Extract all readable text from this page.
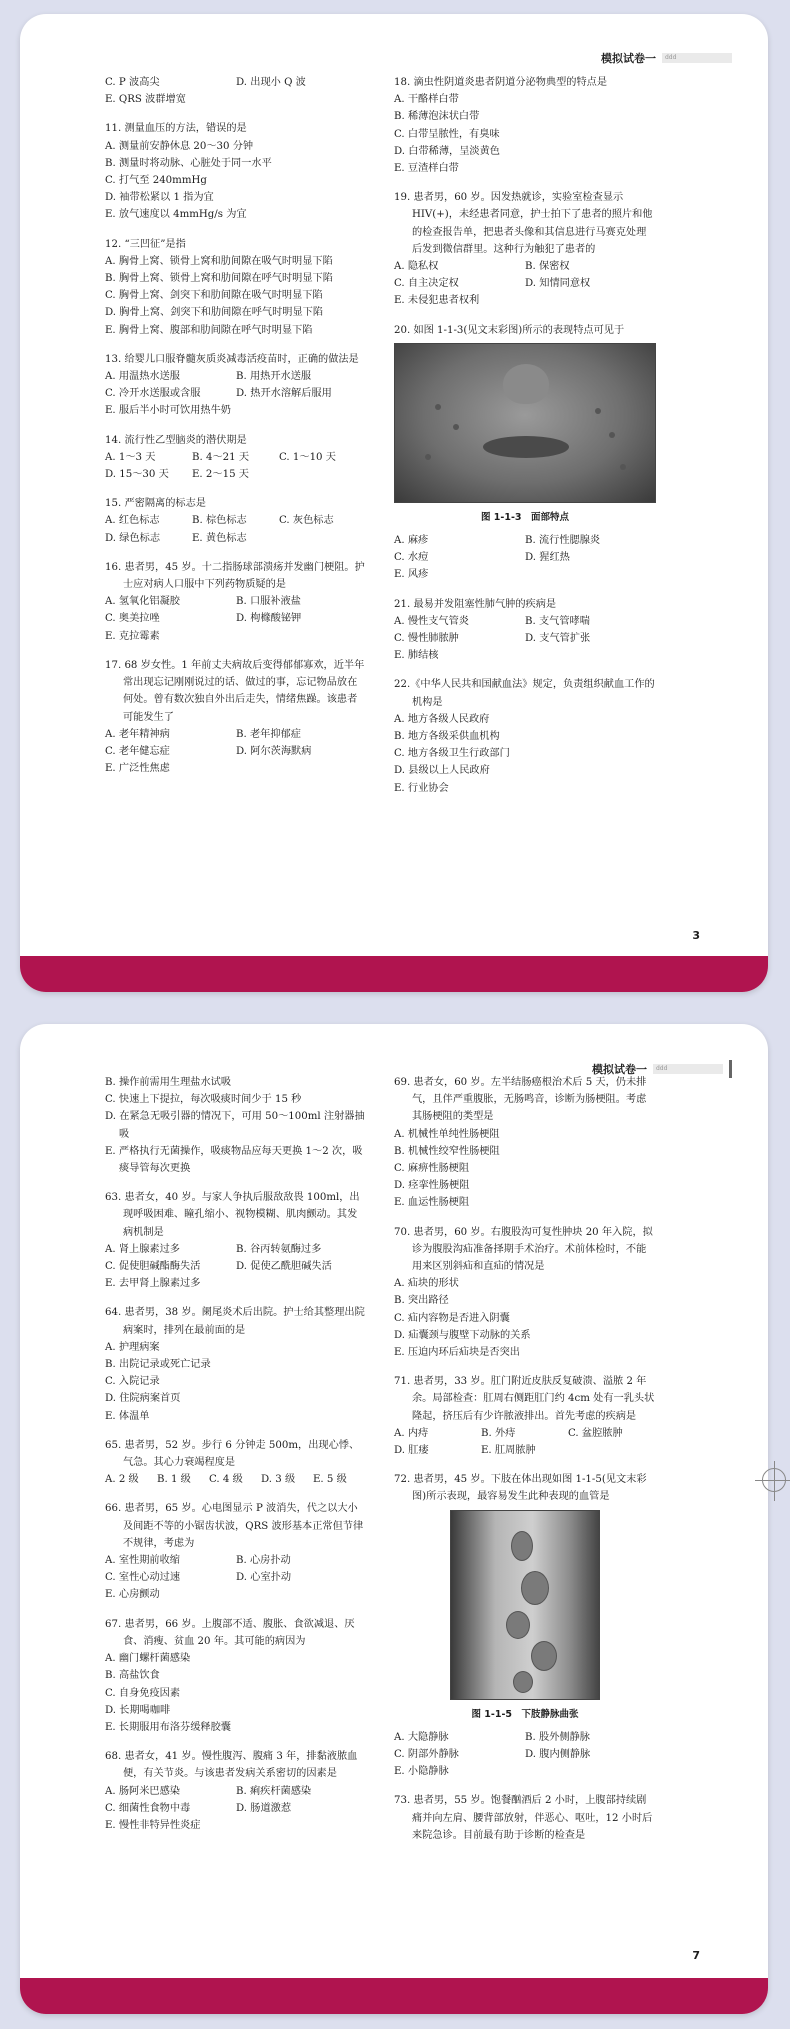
模拟试卷一	ddd
C. P 波高尖	D. 出现小 Q 波
E. QRS 波群增宽
11. 测量血压的方法，错误的是
A. 测量前安静休息 20～30 分钟
B. 测量时将动脉、心脏处于同一水平
C. 打气至 240mmHg
D. 袖带松紧以 1 指为宜
E. 放气速度以 4mmHg/s 为宜
12. “三凹征”是指
A. 胸骨上窝、锁骨上窝和肋间隙在吸气时明显下陷
B. 胸骨上窝、锁骨上窝和肋间隙在呼气时明显下陷
C. 胸骨上窝、剑突下和肋间隙在吸气时明显下陷
D. 胸骨上窝、剑突下和肋间隙在呼气时明显下陷
E. 胸骨上窝、腹部和肋间隙在呼气时明显下陷
13. 给婴儿口服脊髓灰质炎减毒活疫苗时，正确的做法是
A. 用温热水送服	B. 用热开水送服
C. 冷开水送服或含服	D. 热开水溶解后服用
E. 服后半小时可饮用热牛奶
14. 流行性乙型脑炎的潜伏期是
A. 1～3 天	B. 4～21 天	C. 1～10 天
D. 15～30 天	E. 2～15 天
15. 严密隔离的标志是
A. 红色标志	B. 棕色标志	C. 灰色标志
D. 绿色标志	E. 黄色标志
16. 患者男，45 岁。十二指肠球部溃疡并发幽门梗阻。护士应对病人口服中下列药物质疑的是
A. 氢氧化铝凝胶	B. 口服补液盐
C. 奥美拉唑	D. 枸橼酸铋钾
E. 克拉霉素
17. 68 岁女性。1 年前丈夫病故后变得郁郁寡欢，近半年常出现忘记刚刚说过的话、做过的事，忘记物品放在何处。曾有数次独自外出后走失，情绪焦躁。该患者可能发生了
A. 老年精神病	B. 老年抑郁症
C. 老年健忘症	D. 阿尔茨海默病
E. 广泛性焦虑
18. 滴虫性阴道炎患者阴道分泌物典型的特点是
A. 干酪样白带
B. 稀薄泡沫状白带
C. 白带呈脓性，有臭味
D. 白带稀薄，呈淡黄色
E. 豆渣样白带
19. 患者男，60 岁。因发热就诊，实验室检查显示 HIV(+)，未经患者同意，护士拍下了患者的照片和他的检查报告单，把患者头像和其信息进行马赛克处理后发到微信群里。这种行为触犯了患者的
A. 隐私权	B. 保密权
C. 自主决定权	D. 知情同意权
E. 未侵犯患者权利
20. 如图 1-1-3(见文末彩图)所示的表现特点可见于
图 1-1-3　面部特点
A. 麻疹	B. 流行性腮腺炎
C. 水痘	D. 猩红热
E. 风疹
21. 最易并发阻塞性肺气肿的疾病是
A. 慢性支气管炎	B. 支气管哮喘
C. 慢性肺脓肿	D. 支气管扩张
E. 肺结核
22.《中华人民共和国献血法》规定，负责组织献血工作的机构是
A. 地方各级人民政府
B. 地方各级采供血机构
C. 地方各级卫生行政部门
D. 县级以上人民政府
E. 行业协会
3
模拟试卷一	ddd
B. 操作前需用生理盐水试吸
C. 快速上下提拉，每次吸痰时间少于 15 秒
D. 在紧急无吸引器的情况下，可用 50～100ml 注射器抽吸
E. 严格执行无菌操作，吸痰物品应每天更换 1～2 次，吸痰导管每次更换
63. 患者女，40 岁。与家人争执后服敌敌畏 100ml，出现呼吸困难、瞳孔缩小、视物模糊、肌肉颤动。其发病机制是
A. 肾上腺素过多	B. 谷丙转氨酶过多
C. 促使胆碱酯酶失活	D. 促使乙酰胆碱失活
E. 去甲肾上腺素过多
64. 患者男，38 岁。阑尾炎术后出院。护士给其整理出院病案时，排列在最前面的是
A. 护理病案
B. 出院记录或死亡记录
C. 入院记录
D. 住院病案首页
E. 体温单
65. 患者男，52 岁。步行 6 分钟走 500m，出现心悸、气急。其心力衰竭程度是
A. 2 级	B. 1 级	C. 4 级	D. 3 级	E. 5 级
66. 患者男，65 岁。心电图显示 P 波消失，代之以大小及间距不等的小锯齿状波，QRS 波形基本正常但节律不规律，考虑为
A. 室性期前收缩	B. 心房扑动
C. 室性心动过速	D. 心室扑动
E. 心房颤动
67. 患者男，66 岁。上腹部不适、腹胀、食欲减退、厌食、消瘦、贫血 20 年。其可能的病因为
A. 幽门螺杆菌感染
B. 高盐饮食
C. 自身免疫因素
D. 长期喝咖啡
E. 长期服用布洛芬缓释胶囊
68. 患者女，41 岁。慢性腹泻、腹痛 3 年，排黏液脓血便，有关节炎。与该患者发病关系密切的因素是
A. 肠阿米巴感染	B. 痢疾杆菌感染
C. 细菌性食物中毒	D. 肠道激惹
E. 慢性非特异性炎症
69. 患者女，60 岁。左半结肠癌根治术后 5 天，仍未排气，且伴严重腹胀，无肠鸣音，诊断为肠梗阻。考虑其肠梗阻的类型是
A. 机械性单纯性肠梗阻
B. 机械性绞窄性肠梗阻
C. 麻痹性肠梗阻
D. 痉挛性肠梗阻
E. 血运性肠梗阻
70. 患者男，60 岁。右腹股沟可复性肿块 20 年入院，拟诊为腹股沟疝准备择期手术治疗。术前体检时，不能用来区别斜疝和直疝的情况是
A. 疝块的形状
B. 突出路径
C. 疝内容物是否进入阴囊
D. 疝囊颈与腹壁下动脉的关系
E. 压迫内环后疝块是否突出
71. 患者男，33 岁。肛门附近皮肤反复破溃、溢脓 2 年余。局部检查：肛周右侧距肛门约 4cm 处有一乳头状隆起，挤压后有少许脓液排出。首先考虑的疾病是
A. 内痔	B. 外痔	C. 盆腔脓肿
D. 肛瘘	E. 肛周脓肿
72. 患者男，45 岁。下肢在体出现如图 1-1-5(见文末彩图)所示表现，最容易发生此种表现的血管是
图 1-1-5　下肢静脉曲张
A. 大隐静脉	B. 股外侧静脉
C. 阴部外静脉	D. 腹内侧静脉
E. 小隐静脉
73. 患者男，55 岁。饱餐酗酒后 2 小时，上腹部持续剧痛并向左肩、腰背部放射，伴恶心、呕吐，12 小时后来院急诊。目前最有助于诊断的检查是
7
